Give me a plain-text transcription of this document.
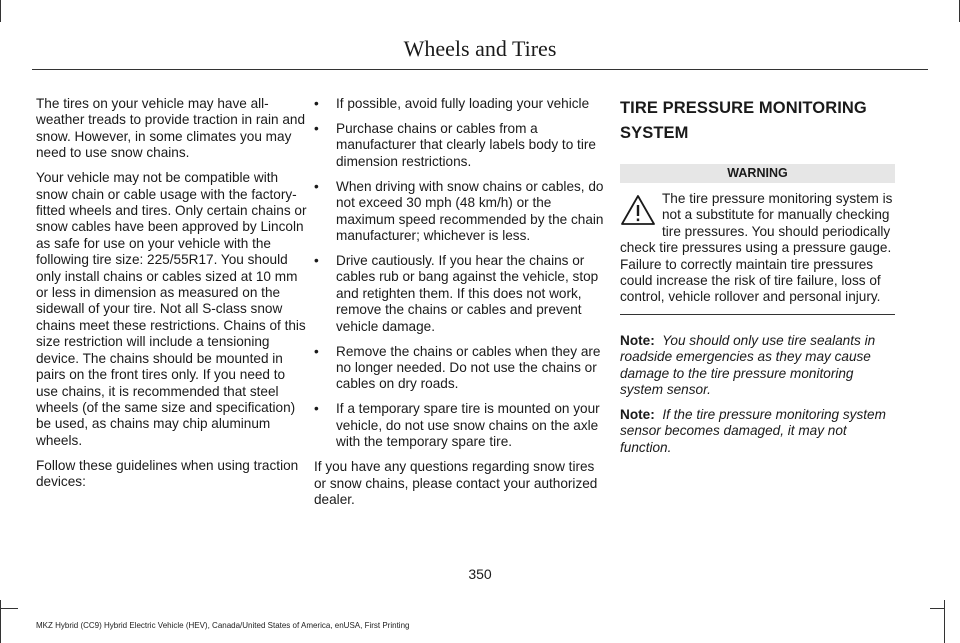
Wheels and Tires

The tires on your vehicle may have all-weather treads to provide traction in rain and snow. However, in some climates you may need to use snow chains.

Your vehicle may not be compatible with snow chain or cable usage with the factory-fitted wheels and tires. Only certain chains or snow cables have been approved by Lincoln as safe for use on your vehicle with the following tire size: 225/55R17. You should only install chains or cables sized at 10 mm or less in dimension as measured on the sidewall of your tire. Not all S-class snow chains meet these restrictions. Chains of this size restriction will include a tensioning device. The chains should be mounted in pairs on the front tires only. If you need to use chains, it is recommended that steel wheels (of the same size and specification) be used, as chains may chip aluminum wheels.

Follow these guidelines when using traction devices:

• If possible, avoid fully loading your vehicle
• Purchase chains or cables from a manufacturer that clearly labels body to tire dimension restrictions.
• When driving with snow chains or cables, do not exceed 30 mph (48 km/h) or the maximum speed recommended by the chain manufacturer; whichever is less.
• Drive cautiously. If you hear the chains or cables rub or bang against the vehicle, stop and retighten them. If this does not work, remove the chains or cables and prevent vehicle damage.
• Remove the chains or cables when they are no longer needed. Do not use the chains or cables on dry roads.
• If a temporary spare tire is mounted on your vehicle, do not use snow chains on the axle with the temporary spare tire.

If you have any questions regarding snow tires or snow chains, please contact your authorized dealer.

TIRE PRESSURE MONITORING
SYSTEM
WARNING
The tire pressure monitoring system is not a substitute for manually checking tire pressures. You should periodically check tire pressures using a pressure gauge. Failure to correctly maintain tire pressures could increase the risk of tire failure, loss of control, vehicle rollover and personal injury.

Note: You should only use tire sealants in roadside emergencies as they may cause damage to the tire pressure monitoring system sensor.

Note: If the tire pressure monitoring system sensor becomes damaged, it may not function.

350
MKZ Hybrid (CC9) Hybrid Electric Vehicle (HEV), Canada/United States of America, enUSA, First Printing
